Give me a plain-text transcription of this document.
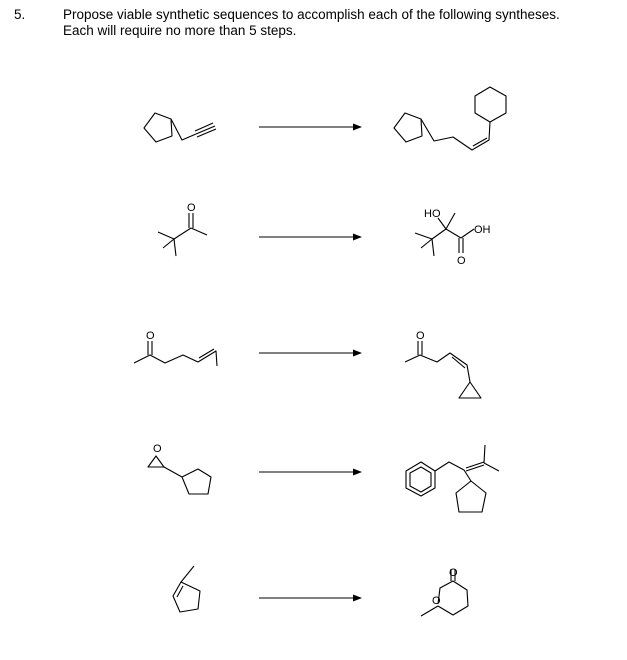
5.	Propose viable synthetic sequences to accomplish each of the following syntheses.
Each will require no more than 5 steps.
O	HO
OH
O
O	O
O
O
O
